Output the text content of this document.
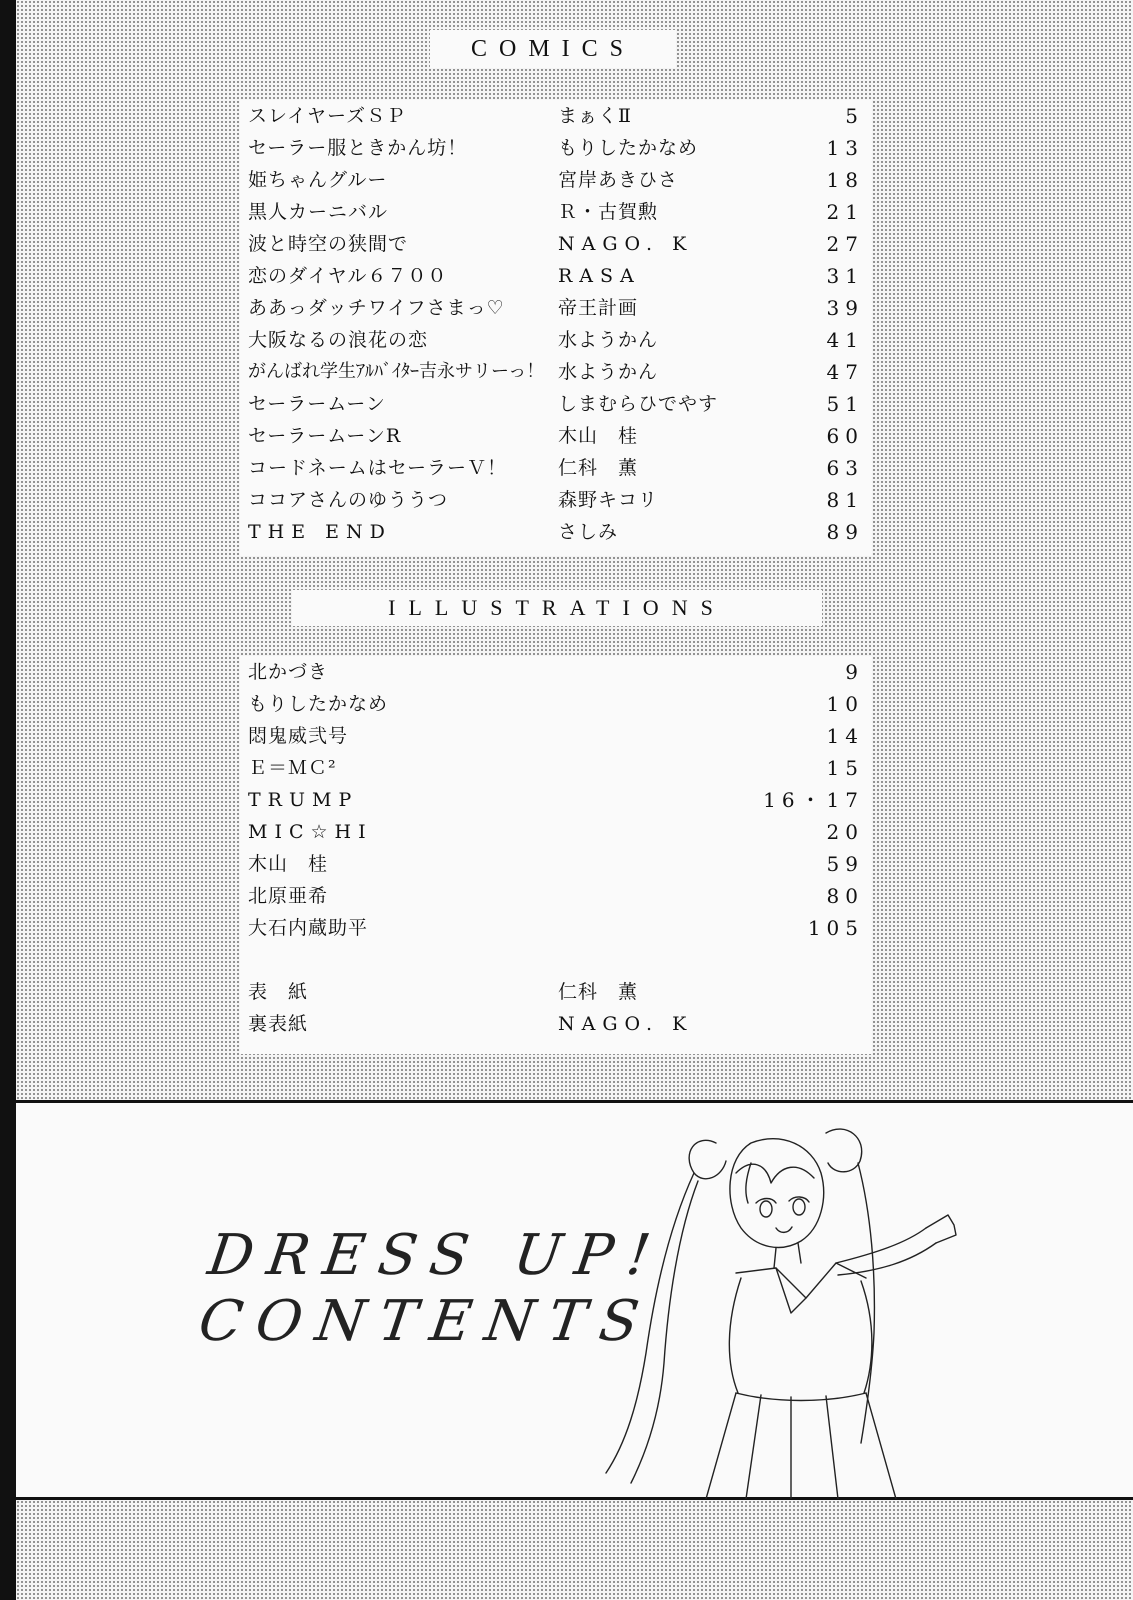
COMICS
スレイヤーズＳＰ	まぁくⅡ	5
セーラー服ときかん坊！	もりしたかなめ	13
姫ちゃんグルー	宮岸あきひさ	18
黒人カーニバル	Ｒ・古賀勲	21
波と時空の狭間で	NAGO. K	27
恋のダイヤル６７００	RASA	31
ああっダッチワイフさまっ♡	帝王計画	39
大阪なるの浪花の恋	水ようかん	41
がんばれ学生ｱﾙﾊﾞｲﾀｰ吉永サリーっ！ 水ようかん	47
セーラームーン	しまむらひでやす	51
セーラームーンR	木山　桂	60
コードネームはセーラーＶ！	仁科　薫	63
ココアさんのゆううつ	森野キコリ	81
THE END	さしみ	89
ILLUSTRATIONS
北かづき	9
もりしたかなめ	10
悶鬼威弐号	14
Ｅ＝ＭＣ²	15
TRUMP	16・17
MIC☆HI	20
木山　桂	59
北原亜希	80
大石内蔵助平	105
表　紙	仁科　薫
裏表紙	NAGO. K
DRESS UP!
CONTENTS
